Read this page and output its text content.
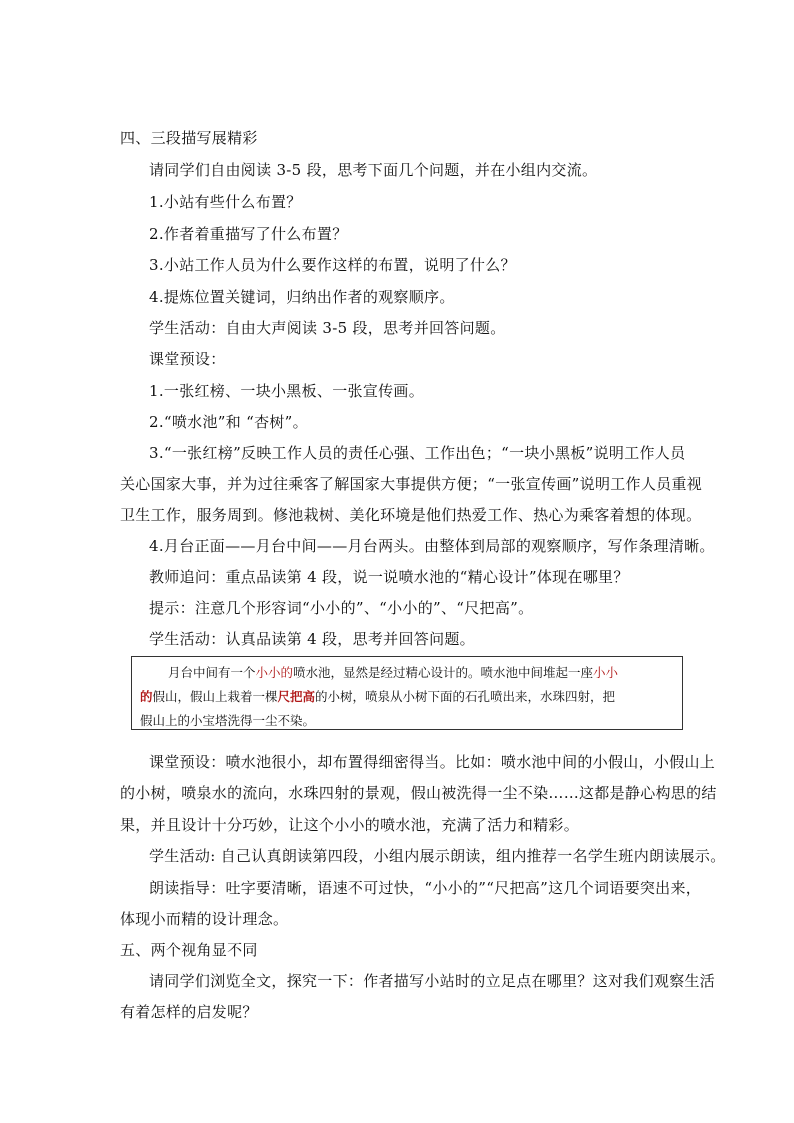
四、三段描写展精彩
请同学们自由阅读 3-5 段，思考下面几个问题，并在小组内交流。
1.小站有些什么布置？
2.作者着重描写了什么布置？
3.小站工作人员为什么要作这样的布置，说明了什么？
4.提炼位置关键词，归纳出作者的观察顺序。
学生活动：自由大声阅读 3-5 段，思考并回答问题。
课堂预设：
1.一张红榜、一块小黑板、一张宣传画。
2.“喷水池”和 “杏树”。
3.“一张红榜”反映工作人员的责任心强、工作出色；“一块小黑板”说明工作人员
关心国家大事，并为过往乘客了解国家大事提供方便；“一张宣传画”说明工作人员重视
卫生工作，服务周到。修池栽树、美化环境是他们热爱工作、热心为乘客着想的体现。
4.月台正面——月台中间——月台两头。由整体到局部的观察顺序，写作条理清晰。
教师追问：重点品读第 4 段，说一说喷水池的“精心设计”体现在哪里？
提示：注意几个形容词“小小的”、“小小的”、“尺把高”。
学生活动：认真品读第 4 段，思考并回答问题。
月台中间有一个小小的喷水池，显然是经过精心设计的。喷水池中间堆起一座小小
的假山，假山上栽着一棵尺把高的小树，喷泉从小树下面的石孔喷出来，水珠四射，把
假山上的小宝塔洗得一尘不染。
课堂预设：喷水池很小，却布置得细密得当。比如：喷水池中间的小假山，小假山上
的小树，喷泉水的流向，水珠四射的景观，假山被洗得一尘不染……这都是静心构思的结
果，并且设计十分巧妙，让这个小小的喷水池，充满了活力和精彩。
学生活动: 自己认真朗读第四段，小组内展示朗读，组内推荐一名学生班内朗读展示。
朗读指导：吐字要清晰，语速不可过快，“小小的”“尺把高”这几个词语要突出来，
体现小而精的设计理念。
五、两个视角显不同
请同学们浏览全文，探究一下：作者描写小站时的立足点在哪里？这对我们观察生活
有着怎样的启发呢？
